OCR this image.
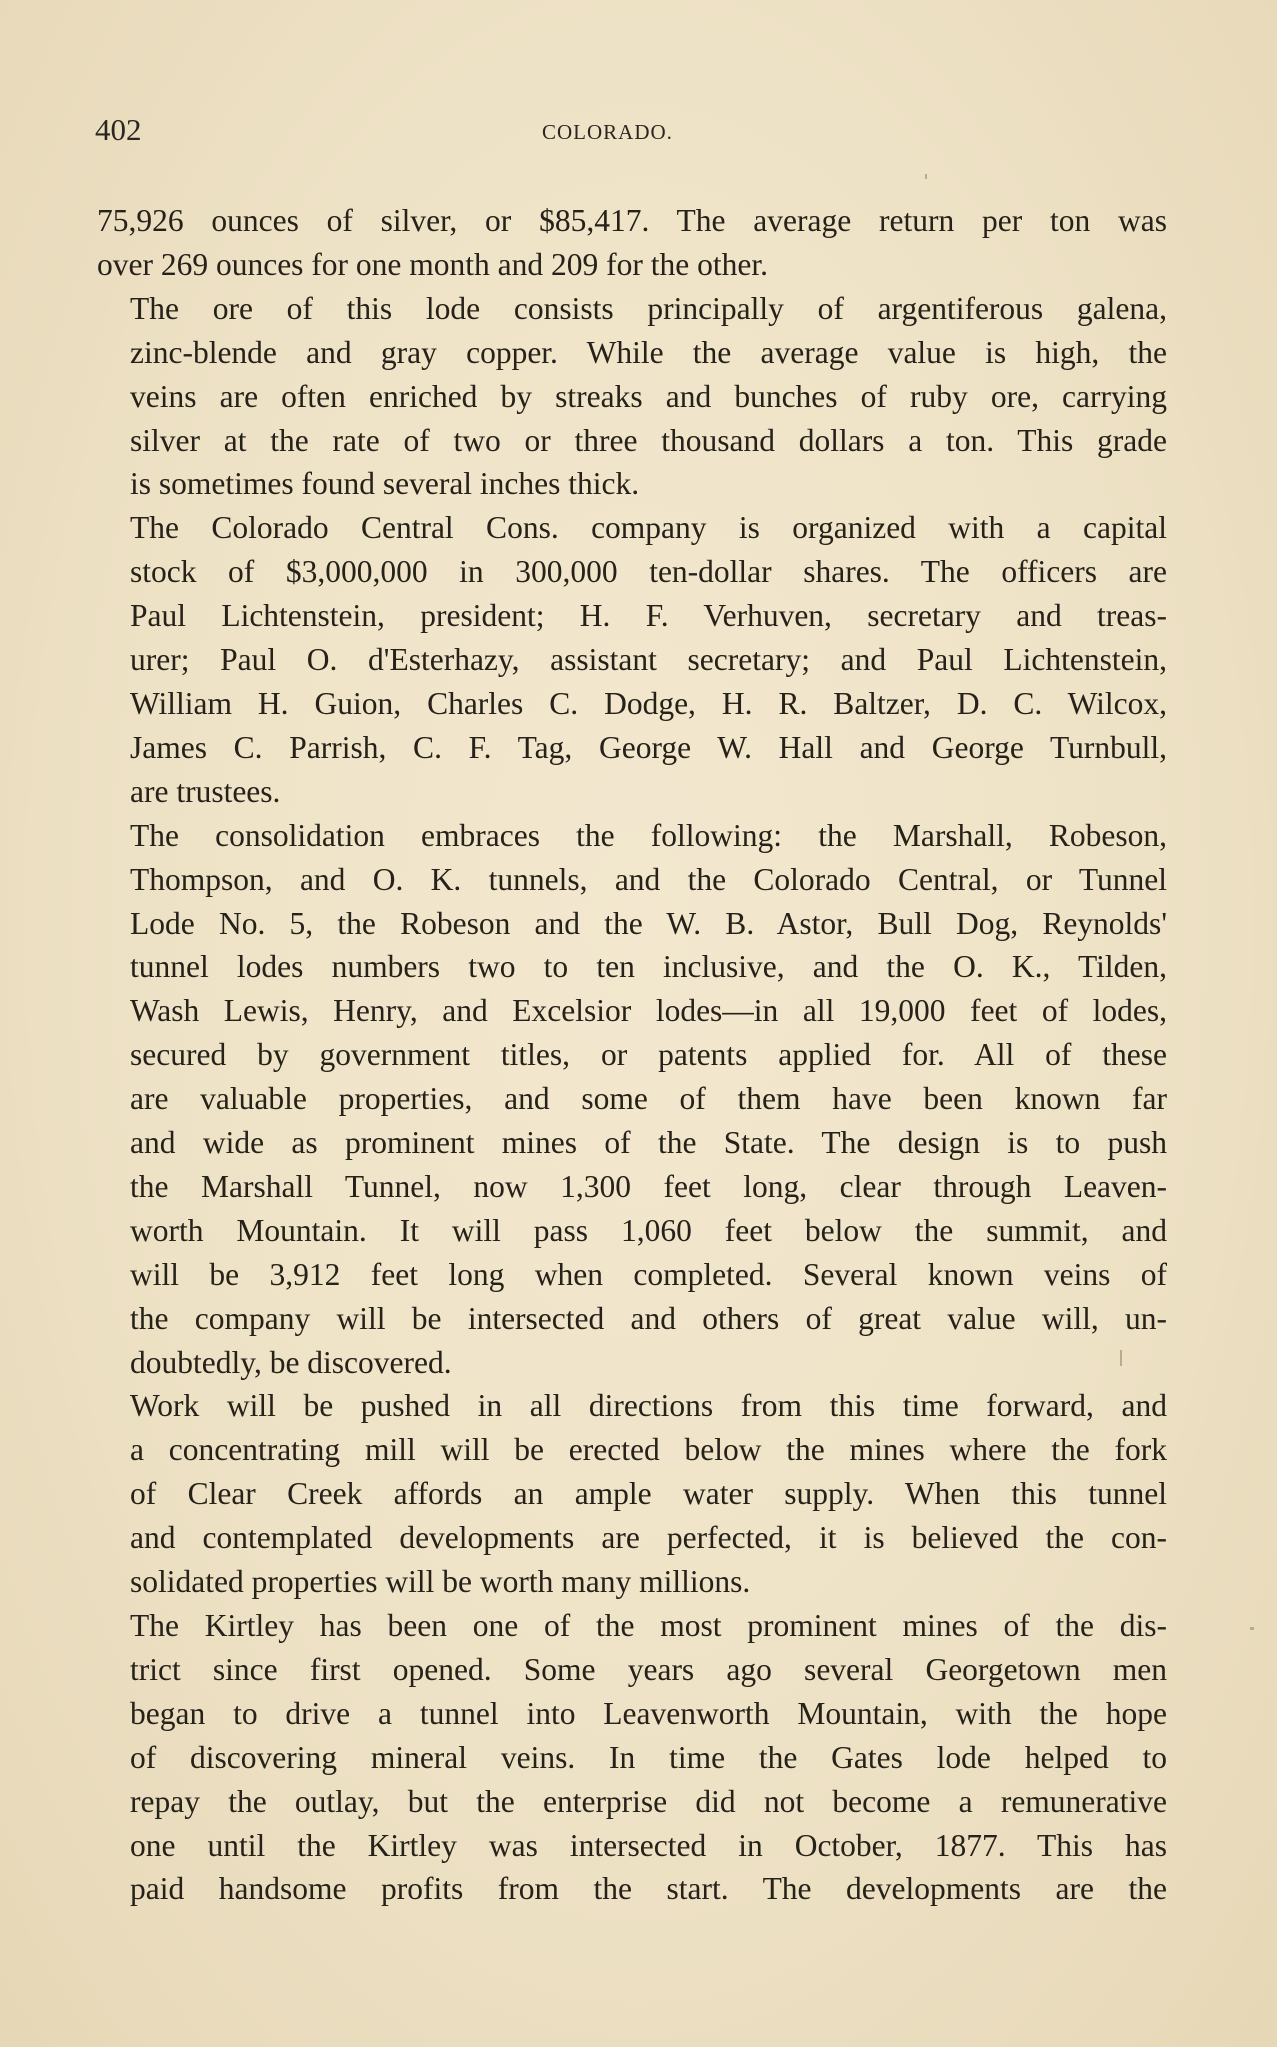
402	COLORADO.
75,926 ounces of silver, or $85,417. The average return per ton was
over 269 ounces for one month and 209 for the other.
The ore of this lode consists principally of argentiferous galena,
zinc-blende and gray copper. While the average value is high, the
veins are often enriched by streaks and bunches of ruby ore, carrying
silver at the rate of two or three thousand dollars a ton. This grade
is sometimes found several inches thick.
The Colorado Central Cons. company is organized with a capital
stock of $3,000,000 in 300,000 ten-dollar shares. The officers are
Paul Lichtenstein, president; H. F. Verhuven, secretary and treas-
urer; Paul O. d'Esterhazy, assistant secretary; and Paul Lichtenstein,
William H. Guion, Charles C. Dodge, H. R. Baltzer, D. C. Wilcox,
James C. Parrish, C. F. Tag, George W. Hall and George Turnbull,
are trustees.
The consolidation embraces the following: the Marshall, Robeson,
Thompson, and O. K. tunnels, and the Colorado Central, or Tunnel
Lode No. 5, the Robeson and the W. B. Astor, Bull Dog, Reynolds'
tunnel lodes numbers two to ten inclusive, and the O. K., Tilden,
Wash Lewis, Henry, and Excelsior lodes—in all 19,000 feet of lodes,
secured by government titles, or patents applied for. All of these
are valuable properties, and some of them have been known far
and wide as prominent mines of the State. The design is to push
the Marshall Tunnel, now 1,300 feet long, clear through Leaven-
worth Mountain. It will pass 1,060 feet below the summit, and
will be 3,912 feet long when completed. Several known veins of
the company will be intersected and others of great value will, un-
doubtedly, be discovered.
Work will be pushed in all directions from this time forward, and
a concentrating mill will be erected below the mines where the fork
of Clear Creek affords an ample water supply. When this tunnel
and contemplated developments are perfected, it is believed the con-
solidated properties will be worth many millions.
The Kirtley has been one of the most prominent mines of the dis-
trict since first opened. Some years ago several Georgetown men
began to drive a tunnel into Leavenworth Mountain, with the hope
of discovering mineral veins. In time the Gates lode helped to
repay the outlay, but the enterprise did not become a remunerative
one until the Kirtley was intersected in October, 1877. This has
paid handsome profits from the start. The developments are the
